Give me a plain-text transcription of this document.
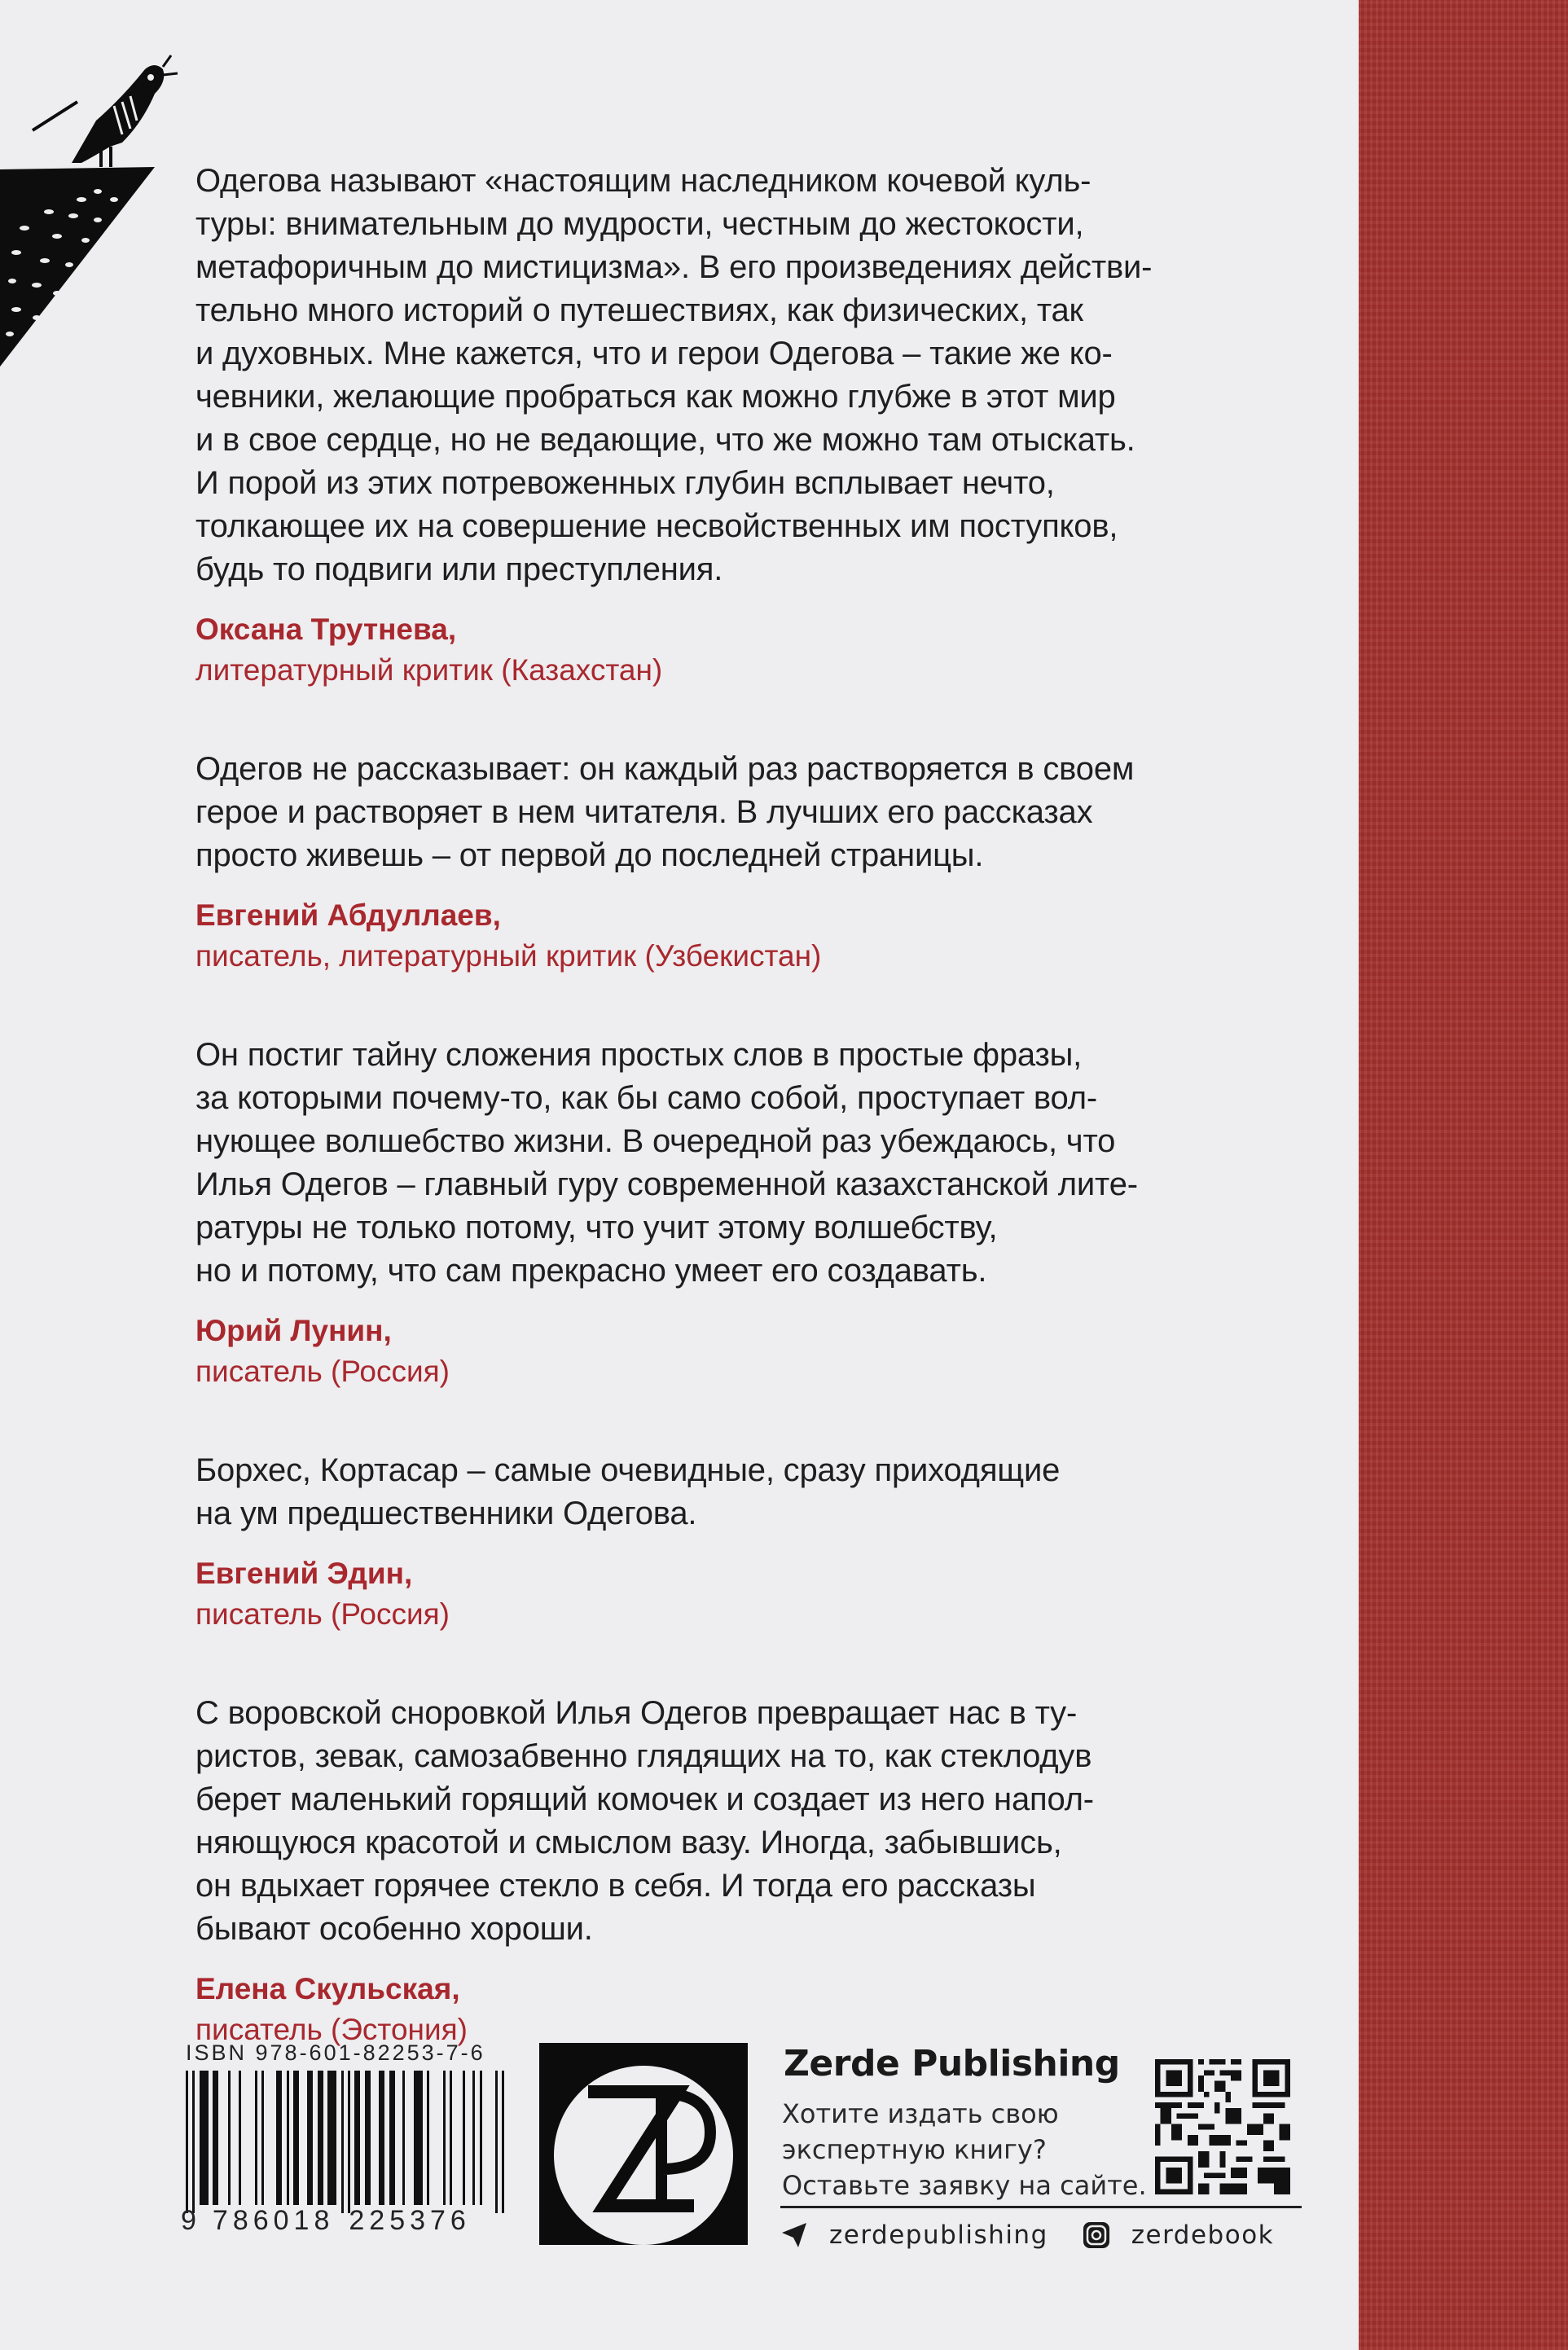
Одегова называют «настоящим наследником кочевой куль-
туры: внимательным до мудрости, честным до жестокости,
метафоричным до мистицизма». В его произведениях действи-
тельно много историй о путешествиях, как физических, так
и духовных. Мне кажется, что и герои Одегова – такие же ко-
чевники, желающие пробраться как можно глубже в этот мир
и в свое сердце, но не ведающие, что же можно там отыскать.
И порой из этих потревоженных глубин всплывает нечто,
толкающее их на совершение несвойственных им поступков,
будь то подвиги или преступления.

Оксана Трутнева,
литературный критик (Казахстан)

Одегов не рассказывает: он каждый раз растворяется в своем
герое и растворяет в нем читателя. В лучших его рассказах
просто живешь – от первой до последней страницы.

Евгений Абдуллаев,
писатель, литературный критик (Узбекистан)

Он постиг тайну сложения простых слов в простые фразы,
за которыми почему-то, как бы само собой, проступает вол-
нующее волшебство жизни. В очередной раз убеждаюсь, что
Илья Одегов – главный гуру современной казахстанской лите-
ратуры не только потому, что учит этому волшебству,
но и потому, что сам прекрасно умеет его создавать.

Юрий Лунин,
писатель (Россия)

Борхес, Кортасар – самые очевидные, сразу приходящие
на ум предшественники Одегова.

Евгений Эдин,
писатель (Россия)

С воровской сноровкой Илья Одегов превращает нас в ту-
ристов, зевак, самозабвенно глядящих на то, как стеклодув
берет маленький горящий комочек и создает из него напол-
няющуюся красотой и смыслом вазу. Иногда, забывшись,
он вдыхает горячее стекло в себя. И тогда его рассказы
бывают особенно хороши.

Елена Скульская,
писатель (Эстония)
ISBN 978-601-82253-7-6
9 786018 225376
Zerde Publishing
Хотите издать свою
экспертную книгу?
Оставьте заявку на сайте.
zerdepublishing	zerdebook
